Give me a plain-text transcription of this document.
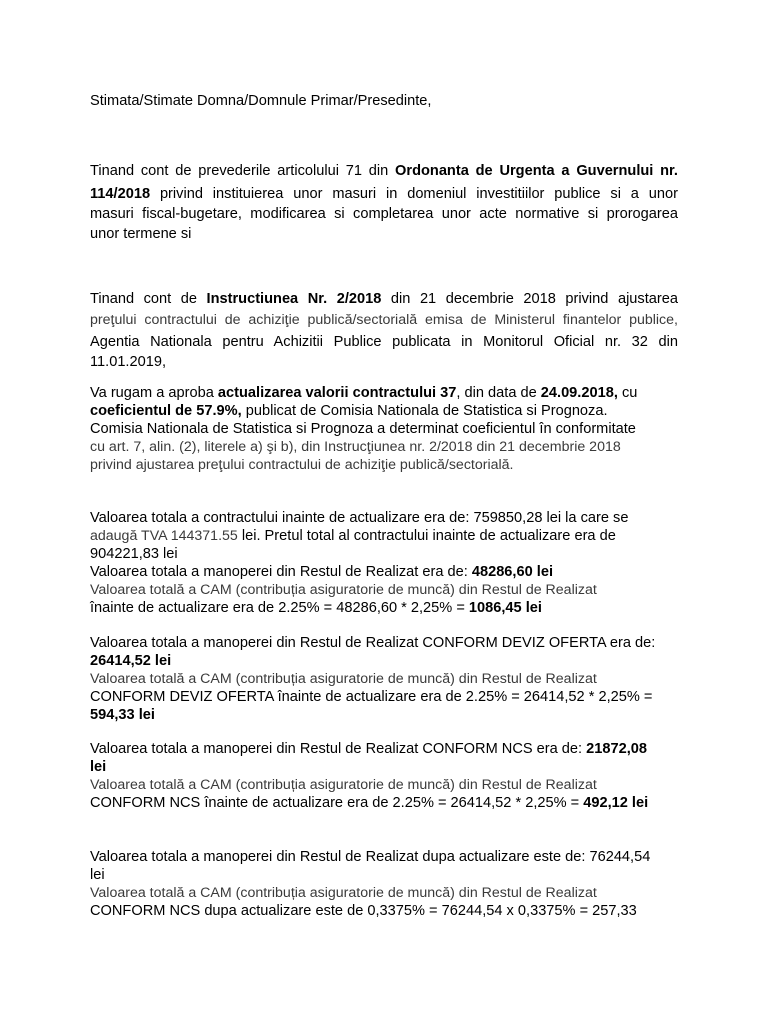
Stimata/Stimate Domna/Domnule Primar/Presedinte,
Tinand cont de prevederile articolului 71 din Ordonanta de Urgenta a Guvernului nr.
114/2018 privind instituierea unor masuri in domeniul investitiilor publice si a unor
masuri fiscal-bugetare, modificarea si completarea unor acte normative si prorogarea
unor termene si
Tinand cont de Instructiunea Nr. 2/2018 din 21 decembrie 2018 privind ajustarea
preţului contractului de achiziţie publică/sectorială emisa de Ministerul finantelor publice,
Agentia Nationala pentru Achizitii Publice publicata in Monitorul Oficial nr. 32 din
11.01.2019,
Va rugam a aproba actualizarea valorii contractului 37, din data de 24.09.2018, cu
coeficientul de 57.9%, publicat de Comisia Nationala de Statistica si Prognoza.
Comisia Nationala de Statistica si Prognoza a determinat coeficientul în conformitate
cu art. 7, alin. (2), literele a) şi b), din Instrucţiunea nr. 2/2018 din 21 decembrie 2018
privind ajustarea preţului contractului de achiziţie publică/sectorială.
Valoarea totala a contractului inainte de actualizare era de: 759850,28 lei la care se
adaugă TVA 144371.55 lei. Pretul total al contractului inainte de actualizare era de
904221,83 lei
Valoarea totala a manoperei din Restul de Realizat era de: 48286,60 lei
Valoarea totală a CAM (contribuția asiguratorie de muncă) din Restul de Realizat
înainte de actualizare era de 2.25% = 48286,60 * 2,25% = 1086,45 lei
Valoarea totala a manoperei din Restul de Realizat CONFORM DEVIZ OFERTA era de:
26414,52 lei
Valoarea totală a CAM (contribuția asiguratorie de muncă) din Restul de Realizat
CONFORM DEVIZ OFERTA înainte de actualizare era de 2.25% = 26414,52 * 2,25% =
594,33 lei
Valoarea totala a manoperei din Restul de Realizat CONFORM NCS era de: 21872,08
lei
Valoarea totală a CAM (contribuția asiguratorie de muncă) din Restul de Realizat
CONFORM NCS înainte de actualizare era de 2.25% = 26414,52 * 2,25% = 492,12 lei
Valoarea totala a manoperei din Restul de Realizat dupa actualizare este de: 76244,54
lei
Valoarea totală a CAM (contribuția asiguratorie de muncă) din Restul de Realizat
CONFORM NCS dupa actualizare este de 0,3375% = 76244,54 x 0,3375% = 257,33
